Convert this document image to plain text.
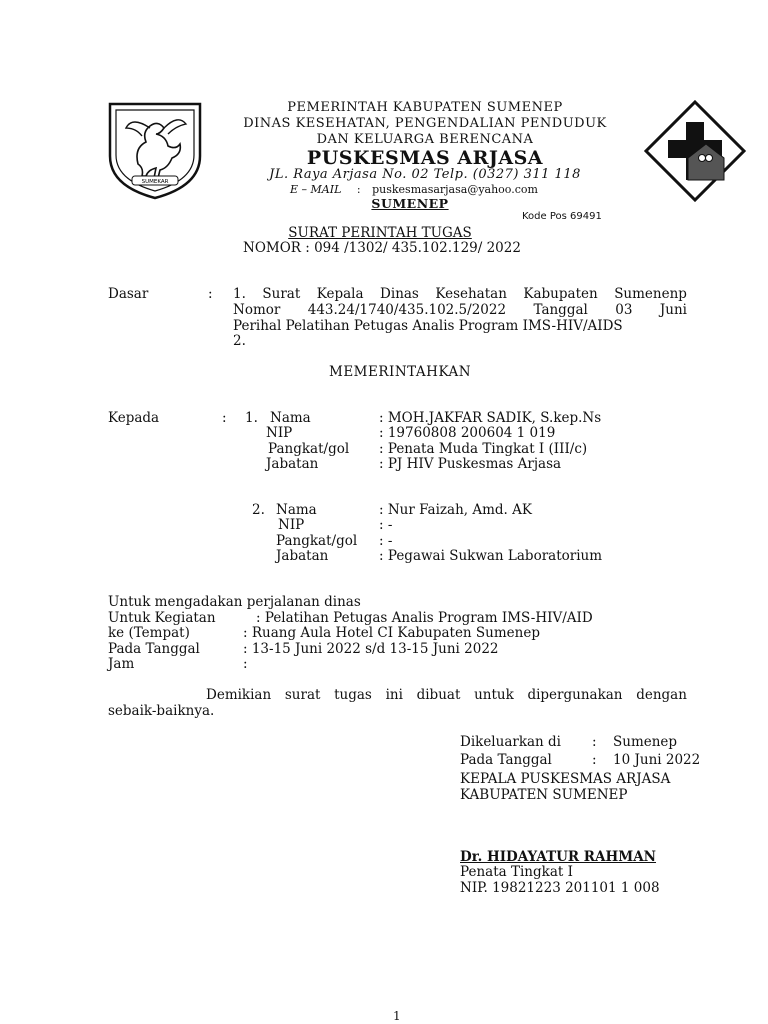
SUMEKAR
PEMERINTAH KABUPATEN SUMENEP
DINAS KESEHATAN, PENGENDALIAN PENDUDUK
DAN KELUARGA BERENCANA
PUSKESMAS ARJASA
JL. Raya Arjasa No. 02 Telp. (0327) 311 118
E – MAIL : puskesmasarjasa@yahoo.com
SUMENEP
Kode Pos 69491
SURAT PERINTAH TUGAS
NOMOR : 094 /1302/ 435.102.129/ 2022
Dasar	: 1. Surat Kepala Dinas Kesehatan Kabupaten Sumenenp
Nomor 443.24/1740/435.102.5/2022 Tanggal 03 Juni
Perihal Pelatihan Petugas Analis Program IMS-HIV/AIDS
2.
MEMERINTAHKAN
Kepada	: 1. Nama	: MOH.JAKFAR SADIK, S.kep.Ns
NIP	: 19760808 200604 1 019
Pangkat/gol : Penata Muda Tingkat I (III/c)
Jabatan	: PJ HIV Puskesmas Arjasa
2. Nama	: Nur Faizah, Amd. AK
NIP	: -
Pangkat/gol : -
Jabatan	: Pegawai Sukwan Laboratorium
Untuk mengadakan perjalanan dinas
Untuk Kegiatan	: Pelatihan Petugas Analis Program IMS-HIV/AID
ke (Tempat)	: Ruang Aula Hotel CI Kabupaten Sumenep
Pada Tanggal	: 13-15 Juni 2022 s/d 13-15 Juni 2022
Jam	:
Demikian surat tugas ini dibuat untuk dipergunakan dengan
sebaik-baiknya.
Dikeluarkan di : Sumenep
Pada Tanggal	: 10 Juni 2022
KEPALA PUSKESMAS ARJASA
KABUPATEN SUMENEP
Dr. HIDAYATUR RAHMAN
Penata Tingkat I
NIP. 19821223 201101 1 008
1
